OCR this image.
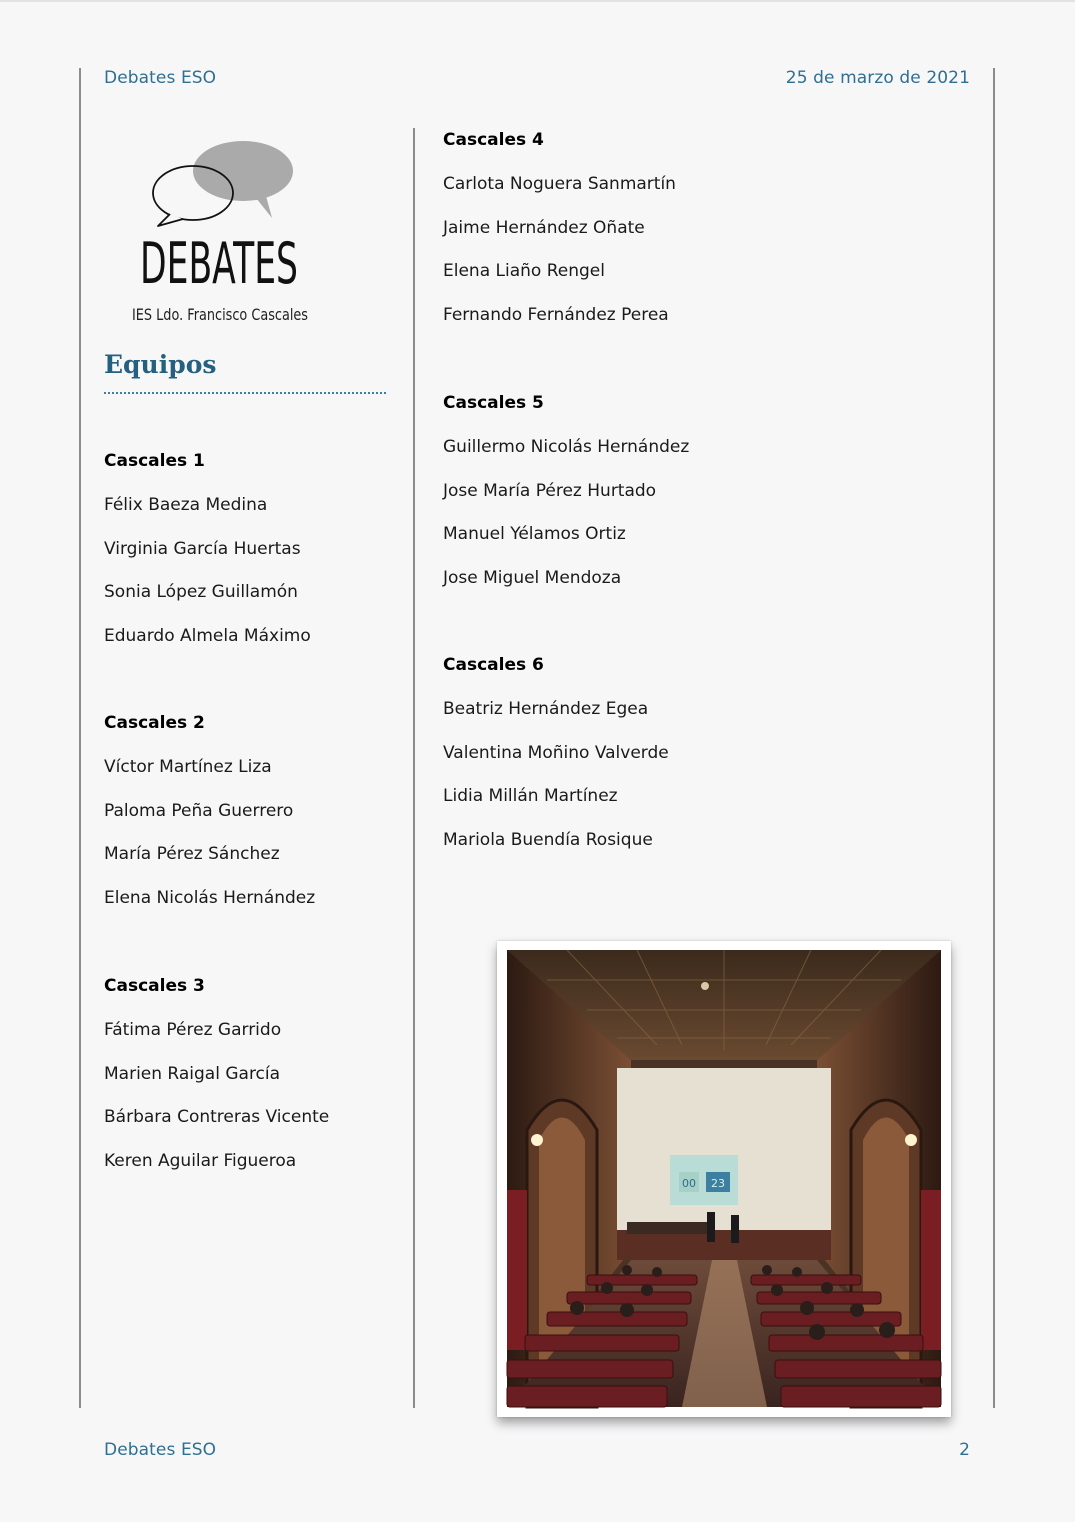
Debates ESO	25 de marzo de 2021
DEBATES
IES Ldo. Francisco Cascales
Equipos
Cascales 1
Félix Baeza Medina
Virginia García Huertas
Sonia López Guillamón
Eduardo Almela Máximo
Cascales 2
Víctor Martínez Liza
Paloma Peña Guerrero
María Pérez Sánchez
Elena Nicolás Hernández
Cascales 3
Fátima Pérez Garrido
Marien Raigal García
Bárbara Contreras Vicente
Keren Aguilar Figueroa
Cascales 4
Carlota Noguera Sanmartín
Jaime Hernández Oñate
Elena Liaño Rengel
Fernando Fernández Perea
Cascales 5
Guillermo Nicolás Hernández
Jose María Pérez Hurtado
Manuel Yélamos Ortiz
Jose Miguel Mendoza
Cascales 6
Beatriz Hernández Egea
Valentina Moñino Valverde
Lidia Millán Martínez
Mariola Buendía Rosique
00 23
Debates ESO	2
